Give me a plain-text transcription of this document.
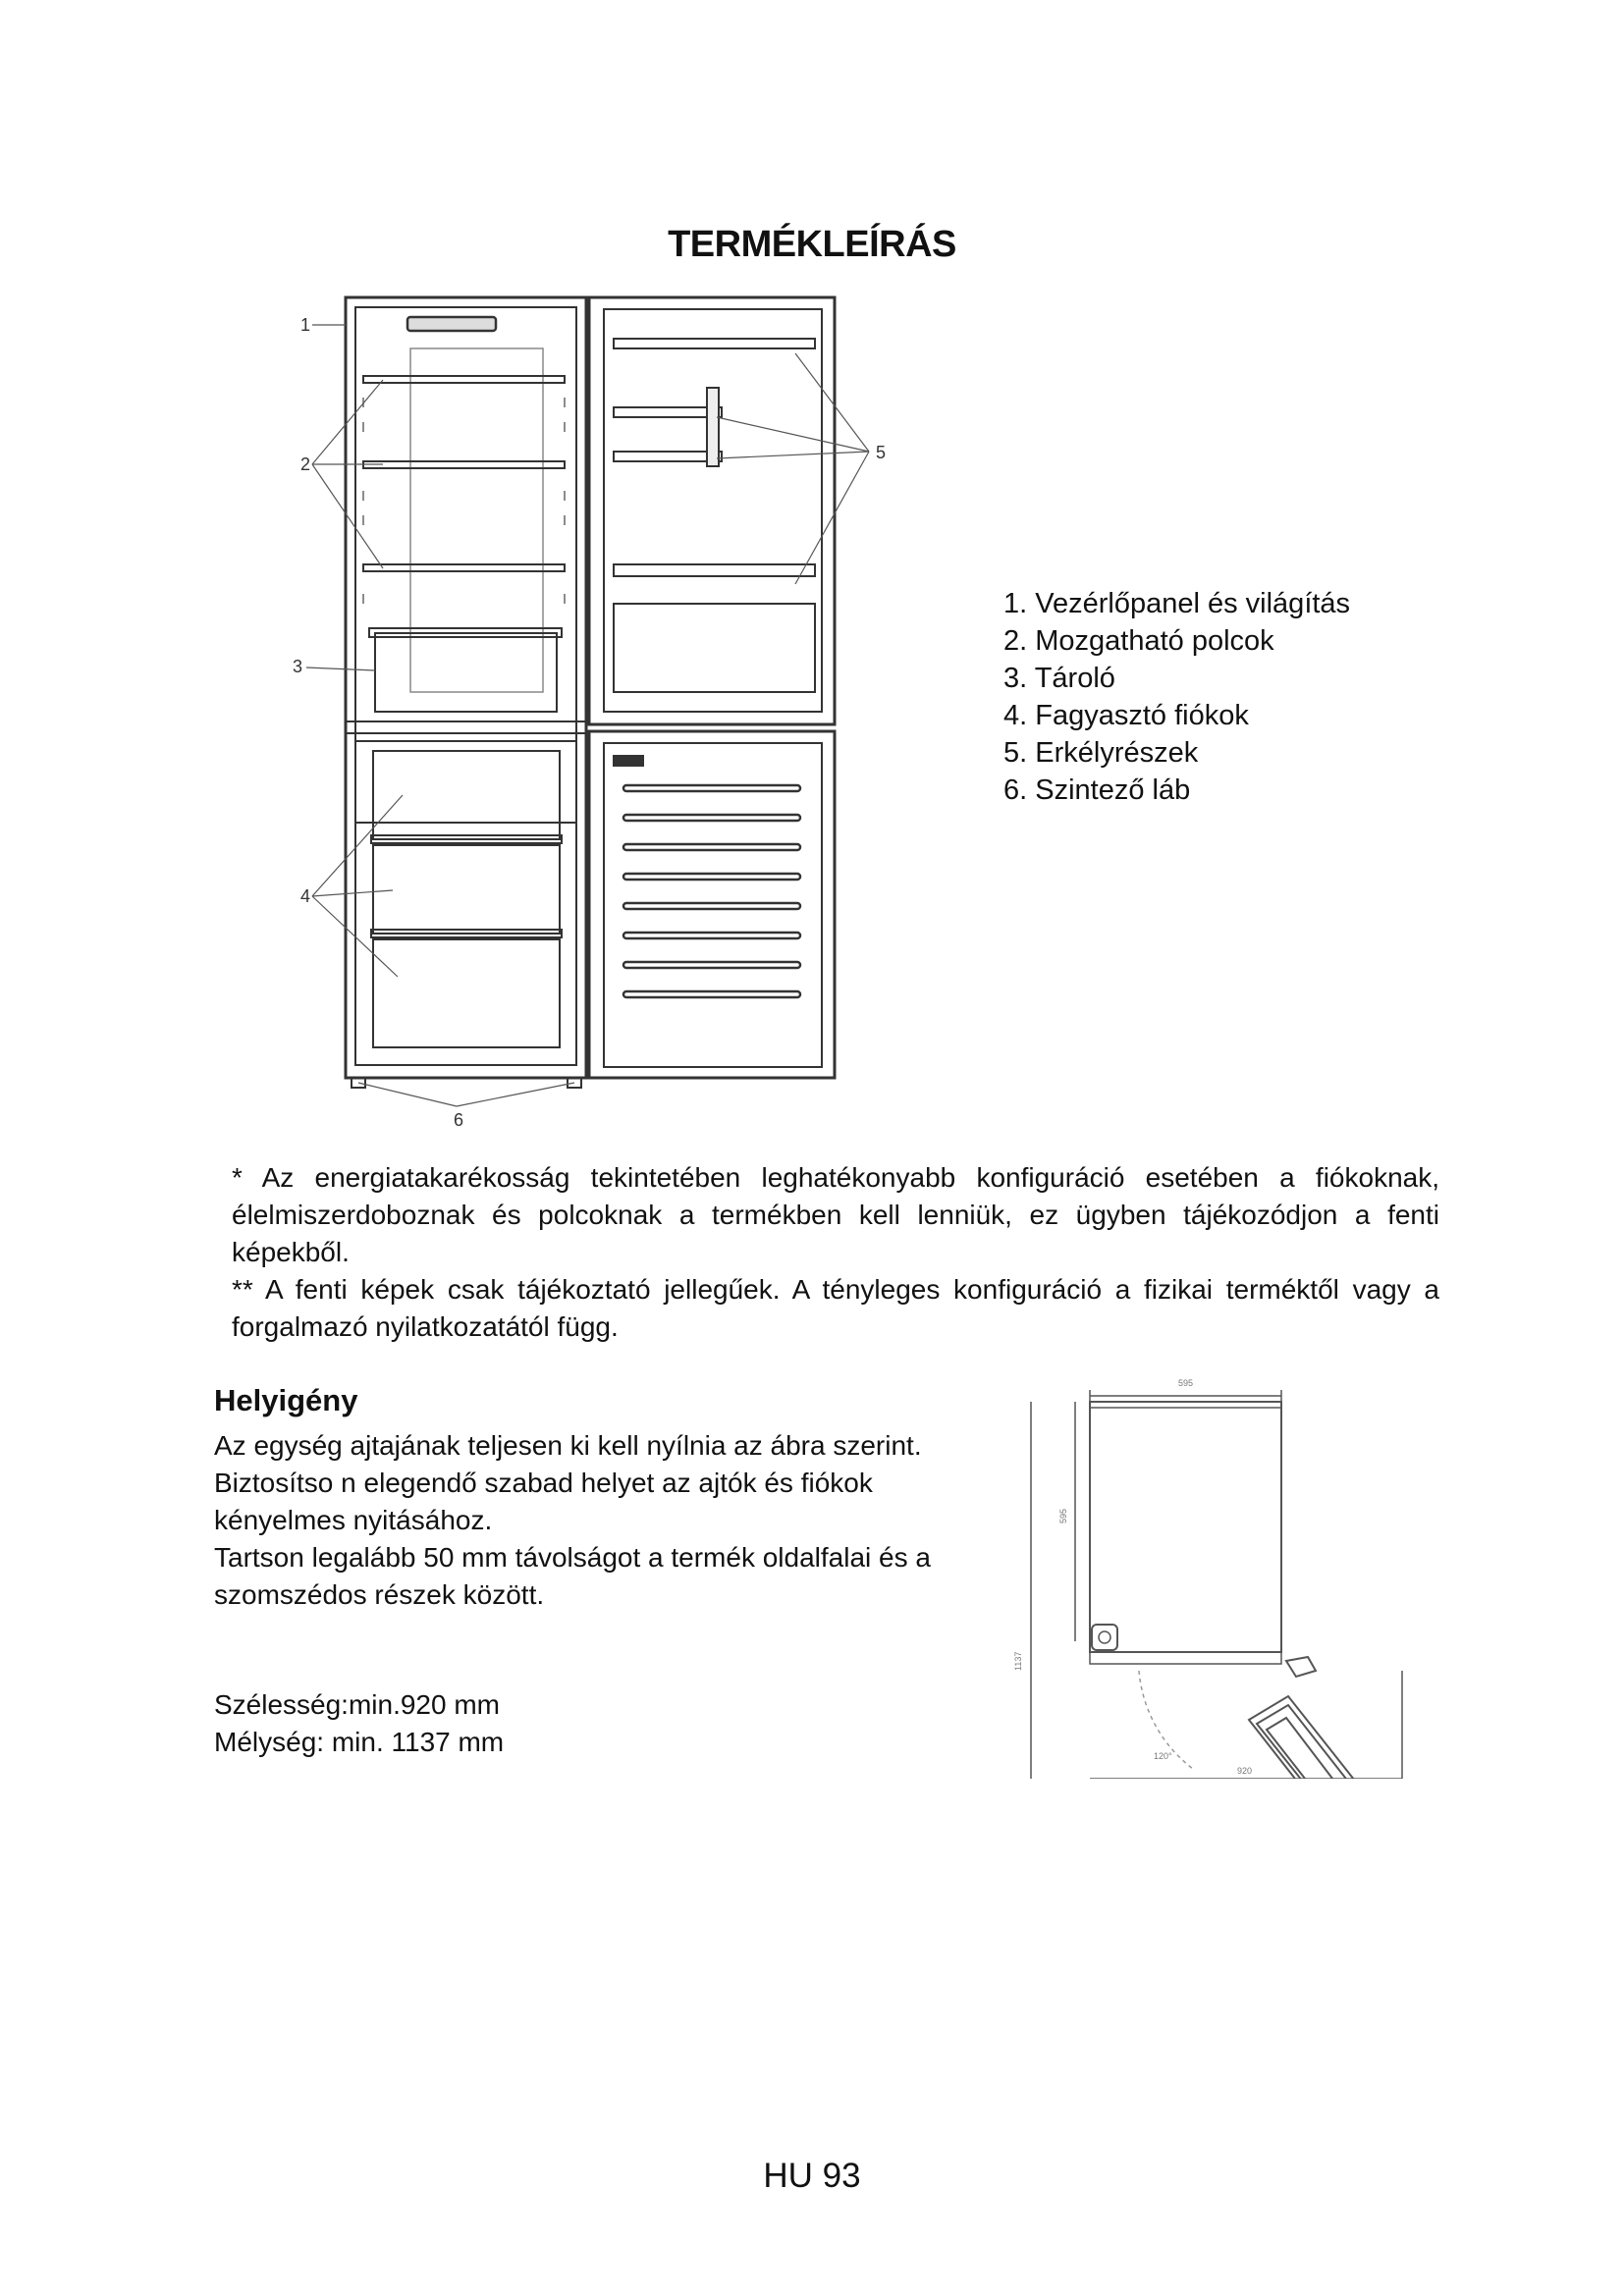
TERMÉKLEÍRÁS
1
2
3
4
5
6
1. Vezérlőpanel és világítás
2. Mozgatható polcok
3. Tároló
4. Fagyasztó fiókok
5. Erkélyrészek
6. Szintező láb

* Az energiatakarékosság tekintetében leghatékonyabb konfiguráció esetében a fiókoknak, élelmiszerdoboznak és polcoknak a termékben kell lenniük, ez ügyben tájékozódjon a fenti képekből.

** A fenti képek csak tájékoztató jellegűek. A tényleges konfiguráció a fizikai terméktől vagy a forgalmazó nyilatkozatától függ.

Helyigény

Az egység ajtajának teljesen ki kell nyílnia az ábra szerint. Biztosítso n elegendő szabad helyet az ajtók és fiókok kényelmes nyitásához.

Tartson legalább 50 mm távolságot a termék oldalfalai és a szomszédos részek között.

Szélesség:min.920 mm
Mélység: min. 1137 mm
595
595
1137
120°
920
HU 93
